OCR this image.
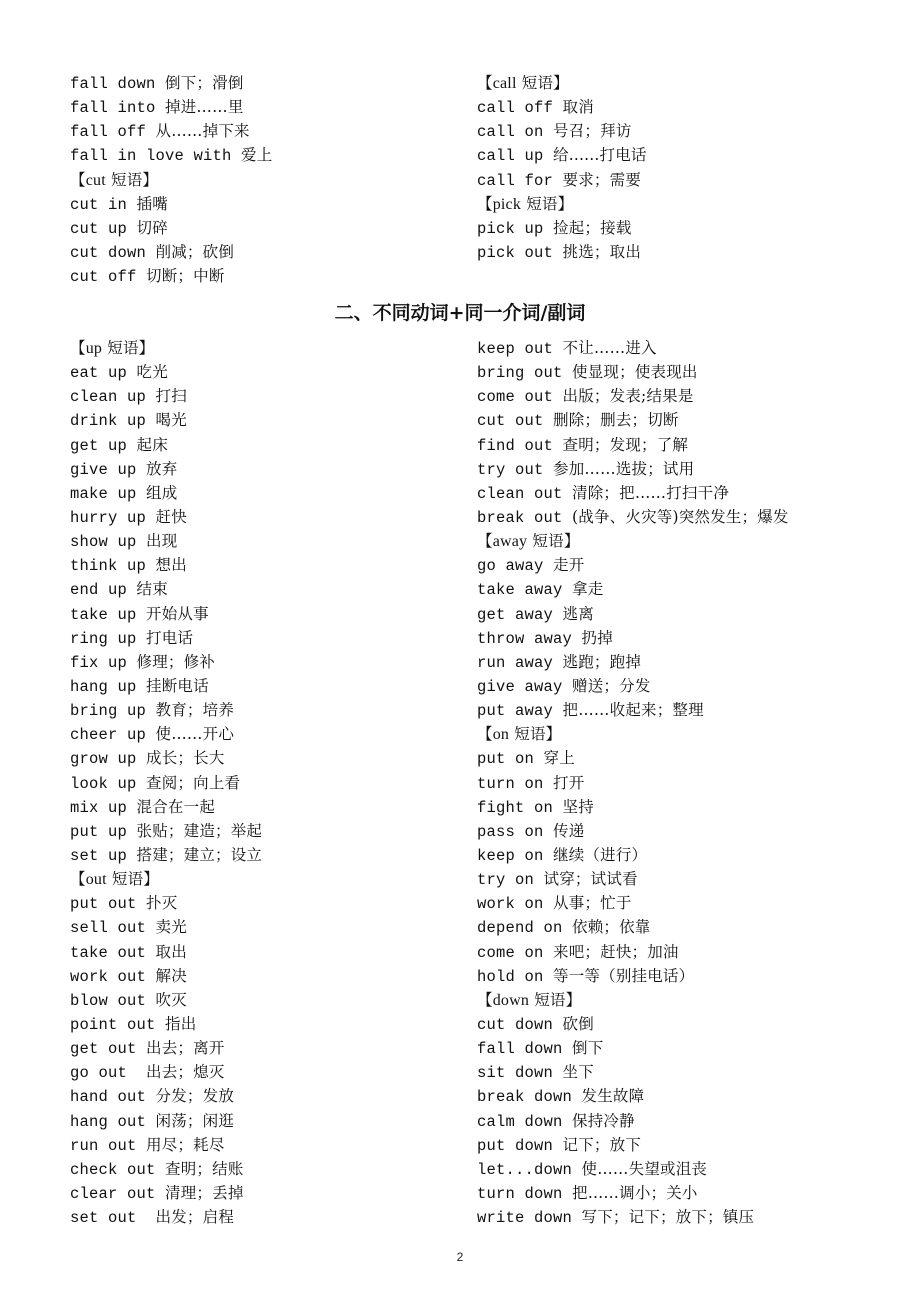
fall down 倒下；滑倒
fall into 掉进……里
fall off 从……掉下来
fall in love with 爱上
【cut 短语】
cut in 插嘴
cut up 切碎
cut down 削减；砍倒
cut off 切断；中断
【call 短语】
call off 取消
call on 号召；拜访
call up 给......打电话
call for 要求；需要
【pick 短语】
pick up 捡起；接载
pick out 挑选；取出
二、不同动词+同一介词/副词
【up 短语】
eat up 吃光
clean up 打扫
drink up 喝光
get up 起床
give up 放弃
make up 组成
hurry up 赶快
show up 出现
think up 想出
end up 结束
take up 开始从事
ring up 打电话
fix up 修理；修补
hang up 挂断电话
bring up 教育；培养
cheer up 使……开心
grow up 成长；长大
look up 查阅；向上看
mix up 混合在一起
put up 张贴；建造；举起
set up 搭建；建立；设立
【out 短语】
put out 扑灭
sell out 卖光
take out 取出
work out 解决
blow out 吹灭
point out 指出
get out 出去；离开
go out  出去；熄灭
hand out 分发；发放
hang out 闲荡；闲逛
run out 用尽；耗尽
check out 查明；结账
clear out 清理；丢掉
set out  出发；启程
keep out 不让……进入
bring out 使显现；使表现出
come out 出版；发表;结果是
cut out 删除；删去；切断
find out 查明；发现；了解
try out 参加……选拔；试用
clean out 清除；把……打扫干净
break out (战争、火灾等)突然发生；爆发
【away 短语】
go away 走开
take away 拿走
get away 逃离
throw away 扔掉
run away 逃跑；跑掉
give away 赠送；分发
put away 把……收起来；整理
【on 短语】
put on 穿上
turn on 打开
fight on 坚持
pass on 传递
keep on 继续（进行）
try on 试穿；试试看
work on 从事；忙于
depend on 依赖；依靠
come on 来吧；赶快；加油
hold on 等一等（别挂电话）
【down 短语】
cut down 砍倒
fall down 倒下
sit down 坐下
break down 发生故障
calm down 保持冷静
put down 记下；放下
let...down 使……失望或沮丧
turn down 把……调小；关小
write down 写下；记下；放下；镇压
2
